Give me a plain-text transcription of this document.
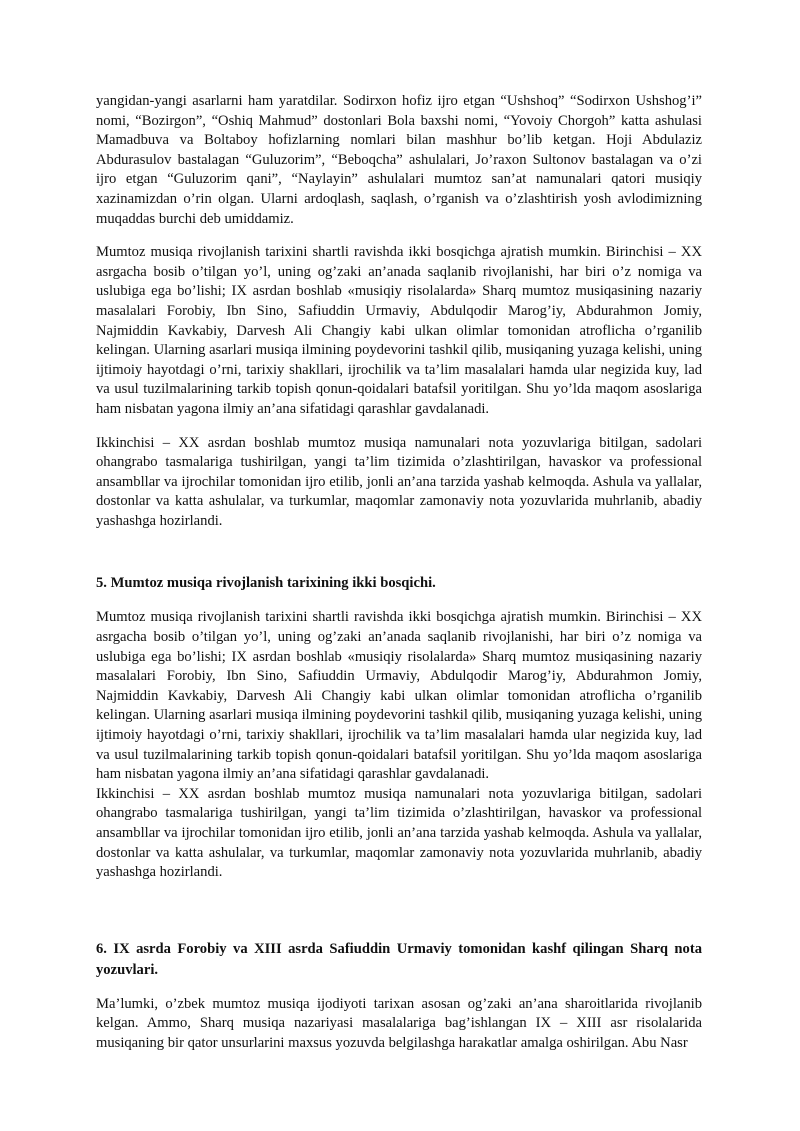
yangidan-yangi asarlarni ham yaratdilar. Sodirxon hofiz ijro etgan “Ushshoq” “Sodirxon Ushshog’i” nomi, “Bozirgon”, “Oshiq Mahmud” dostonlari Bola baxshi nomi, “Yovoiy Chorgoh” katta ashulasi Mamadbuva va Boltaboy hofizlarning nomlari bilan mashhur bo’lib ketgan. Hoji Abdulaziz Abdurasulov bastalagan “Guluzorim”, “Beboqcha” ashulalari, Jo’raxon Sultonov bastalagan va o’zi ijro etgan “Guluzorim qani”, “Naylayin” ashulalari mumtoz san’at namunalari qatori musiqiy xazinamizdan o’rin olgan. Ularni ardoqlash, saqlash, o’rganish va o’zlashtirish yosh avlodimizning muqaddas burchi deb umiddamiz.

Mumtoz musiqa rivojlanish tarixini shartli ravishda ikki bosqichga ajratish mumkin. Birinchisi – XX asrgacha bosib o’tilgan yo’l, uning og’zaki an’anada saqlanib rivojlanishi, har biri o’z nomiga va uslubiga ega bo’lishi; IX asrdan boshlab «musiqiy risolalarda» Sharq mumtoz musiqasining nazariy masalalari Forobiy, Ibn Sino, Safiuddin Urmaviy, Abdulqodir Marog’iy, Abdurahmon Jomiy, Najmiddin Kavkabiy, Darvesh Ali Changiy kabi ulkan olimlar tomonidan atroflicha o’rganilib kelingan. Ularning asarlari musiqa ilmining poydevorini tashkil qilib, musiqaning yuzaga kelishi, uning ijtimoiy hayotdagi o’rni, tarixiy shakllari, ijrochilik va ta’lim masalalari hamda ular negizida kuy, lad va usul tuzilmalarining tarkib topish qonun-qoidalari batafsil yoritilgan. Shu yo’lda maqom asoslariga ham nisbatan yagona ilmiy an’ana sifatidagi qarashlar gavdalanadi.

Ikkinchisi – XX asrdan boshlab mumtoz musiqa namunalari nota yozuvlariga bitilgan, sadolari ohangrabo tasmalariga tushirilgan, yangi ta’lim tizimida o’zlashtirilgan, havaskor va professional ansambllar va ijrochilar tomonidan ijro etilib, jonli an’ana tarzida yashab kelmoqda. Ashula va yallalar, dostonlar va katta ashulalar, va turkumlar, maqomlar zamonaviy nota yozuvlarida muhrlanib, abadiy yashashga hozirlandi.

5. Mumtoz musiqa rivojlanish tarixining ikki bosqichi.

Mumtoz musiqa rivojlanish tarixini shartli ravishda ikki bosqichga ajratish mumkin. Birinchisi – XX asrgacha bosib o’tilgan yo’l, uning og’zaki an’anada saqlanib rivojlanishi, har biri o’z nomiga va uslubiga ega bo’lishi; IX asrdan boshlab «musiqiy risolalarda» Sharq mumtoz musiqasining nazariy masalalari Forobiy, Ibn Sino, Safiuddin Urmaviy, Abdulqodir Marog’iy, Abdurahmon Jomiy, Najmiddin Kavkabiy, Darvesh Ali Changiy kabi ulkan olimlar tomonidan atroflicha o’rganilib kelingan. Ularning asarlari musiqa ilmining poydevorini tashkil qilib, musiqaning yuzaga kelishi, uning ijtimoiy hayotdagi o’rni, tarixiy shakllari, ijrochilik va ta’lim masalalari hamda ular negizida kuy, lad va usul tuzilmalarining tarkib topish qonun-qoidalari batafsil yoritilgan. Shu yo’lda maqom asoslariga ham nisbatan yagona ilmiy an’ana sifatidagi qarashlar gavdalanadi.

Ikkinchisi – XX asrdan boshlab mumtoz musiqa namunalari nota yozuvlariga bitilgan, sadolari ohangrabo tasmalariga tushirilgan, yangi ta’lim tizimida o’zlashtirilgan, havaskor va professional ansambllar va ijrochilar tomonidan ijro etilib, jonli an’ana tarzida yashab kelmoqda. Ashula va yallalar, dostonlar va katta ashulalar, va turkumlar, maqomlar zamonaviy nota yozuvlarida muhrlanib, abadiy yashashga hozirlandi.

6. IX asrda Forobiy va XIII asrda Safiuddin Urmaviy tomonidan kashf qilingan Sharq nota yozuvlari.

Ma’lumki, o’zbek mumtoz musiqa ijodiyoti tarixan asosan og’zaki an’ana sharoitlarida rivojlanib kelgan. Ammo, Sharq musiqa nazariyasi masalalariga bag’ishlangan IX – XIII asr risolalarida musiqaning bir qator unsurlarini maxsus yozuvda belgilashga harakatlar amalga oshirilgan. Abu Nasr
